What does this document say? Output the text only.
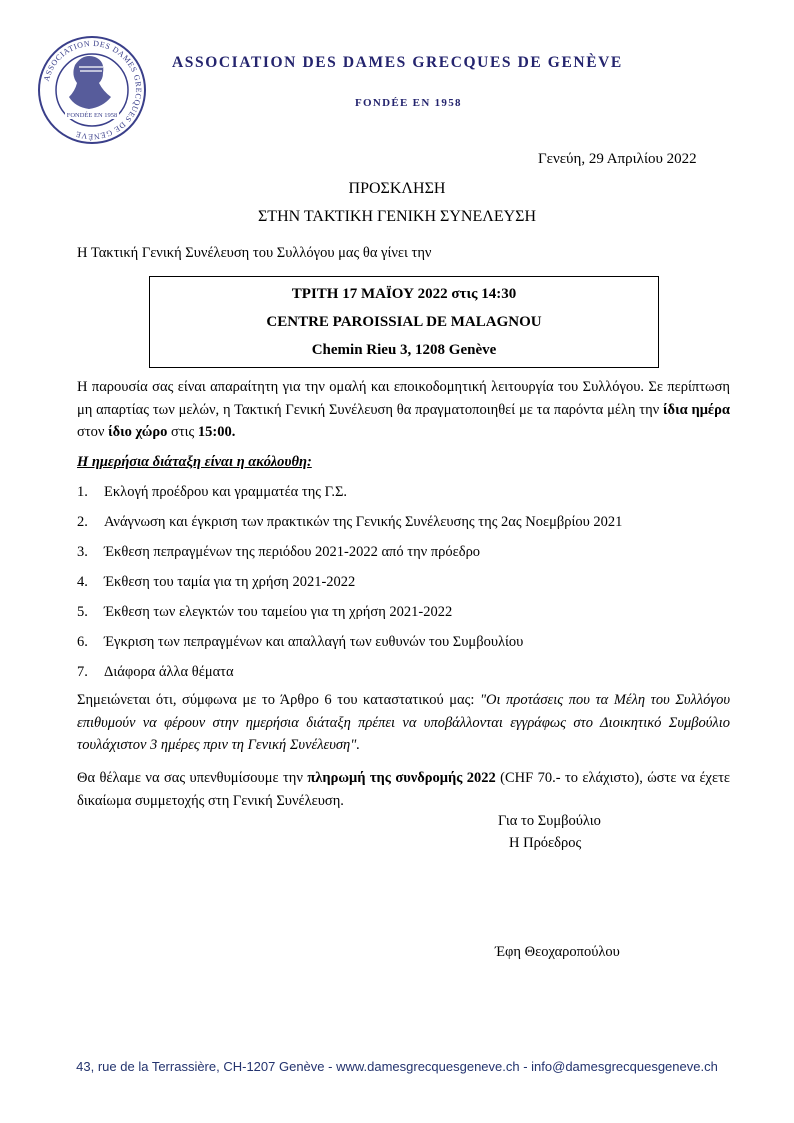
ASSOCIATION DES DAMES GRECQUES DE GENÈVE
FONDÉE EN 1958
ASSOCIATION DES DAMES GRECQUES DE GENÈVE
FONDÉE EN 1958
Γενεύη, 29 Απριλίου 2022
ΠΡΟΣΚΛΗΣΗ
ΣΤΗΝ ΤΑΚΤΙΚΗ ΓΕΝΙΚΗ ΣΥΝΕΛΕΥΣΗ
Η Τακτική Γενική Συνέλευση του Συλλόγου μας θα γίνει την
ΤΡΙΤΗ 17 ΜΑΪΟΥ 2022 στις 14:30
CENTRE PAROISSIAL DE MALAGNOU
Chemin Rieu 3, 1208 Genève
Η παρουσία σας είναι απαραίτητη για την ομαλή και εποικοδομητική λειτουργία του Συλλόγου. Σε περίπτωση μη απαρτίας των μελών, η Τακτική Γενική Συνέλευση θα πραγματοποιηθεί με τα παρόντα μέλη την ίδια ημέρα στον ίδιο χώρο στις 15:00.
Η ημερήσια διάταξη είναι η ακόλουθη:
1. Εκλογή προέδρου και γραμματέα της Γ.Σ.
2. Ανάγνωση και έγκριση των πρακτικών της Γενικής Συνέλευσης της 2ας Νοεμβρίου 2021
3. Έκθεση πεπραγμένων της περιόδου 2021-2022 από την πρόεδρο
4. Έκθεση του ταμία για τη χρήση 2021-2022
5. Έκθεση των ελεγκτών του ταμείου για τη χρήση 2021-2022
6. Έγκριση των πεπραγμένων και απαλλαγή των ευθυνών του Συμβουλίου
7. Διάφορα άλλα θέματα
Σημειώνεται ότι, σύμφωνα με το Άρθρο 6 του καταστατικού μας: "Οι προτάσεις που τα Μέλη του Συλλόγου επιθυμούν να φέρουν στην ημερήσια διάταξη πρέπει να υποβάλλονται εγγράφως στο Διοικητικό Συμβούλιο τουλάχιστον 3 ημέρες πριν τη Γενική Συνέλευση".
Θα θέλαμε να σας υπενθυμίσουμε την πληρωμή της συνδρομής 2022 (CHF 70.- το ελάχιστο), ώστε να έχετε δικαίωμα συμμετοχής στη Γενική Συνέλευση.
Για το Συμβούλιο
Η Πρόεδρος
Έφη Θεοχαροπούλου
43, rue de la Terrassière, CH-1207 Genève - www.damesgrecquesgeneve.ch - info@damesgrecquesgeneve.ch
